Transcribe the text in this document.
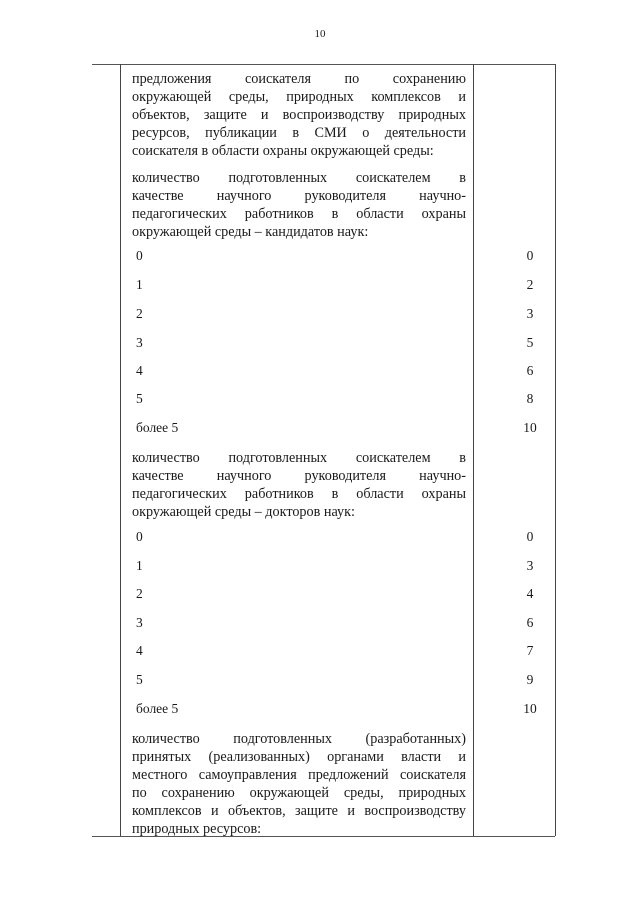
10
предложения соискателя по сохранению
окружающей среды, природных комплексов и
объектов, защите и воспроизводству природных
ресурсов, публикации в СМИ о деятельности
соискателя в области охраны окружающей среды:
количество подготовленных соискателем в
качестве научного руководителя научно-
педагогических работников в области охраны
окружающей среды – кандидатов наук:
0	0
1	2
2	3
3	5
4	6
5	8
более 5	10
количество подготовленных соискателем в
качестве научного руководителя научно-
педагогических работников в области охраны
окружающей среды – докторов наук:
0	0
1	3
2	4
3	6
4	7
5	9
более 5	10
количество подготовленных (разработанных)
принятых (реализованных) органами власти и
местного самоуправления предложений соискателя
по сохранению окружающей среды, природных
комплексов и объектов, защите и воспроизводству
природных ресурсов:
